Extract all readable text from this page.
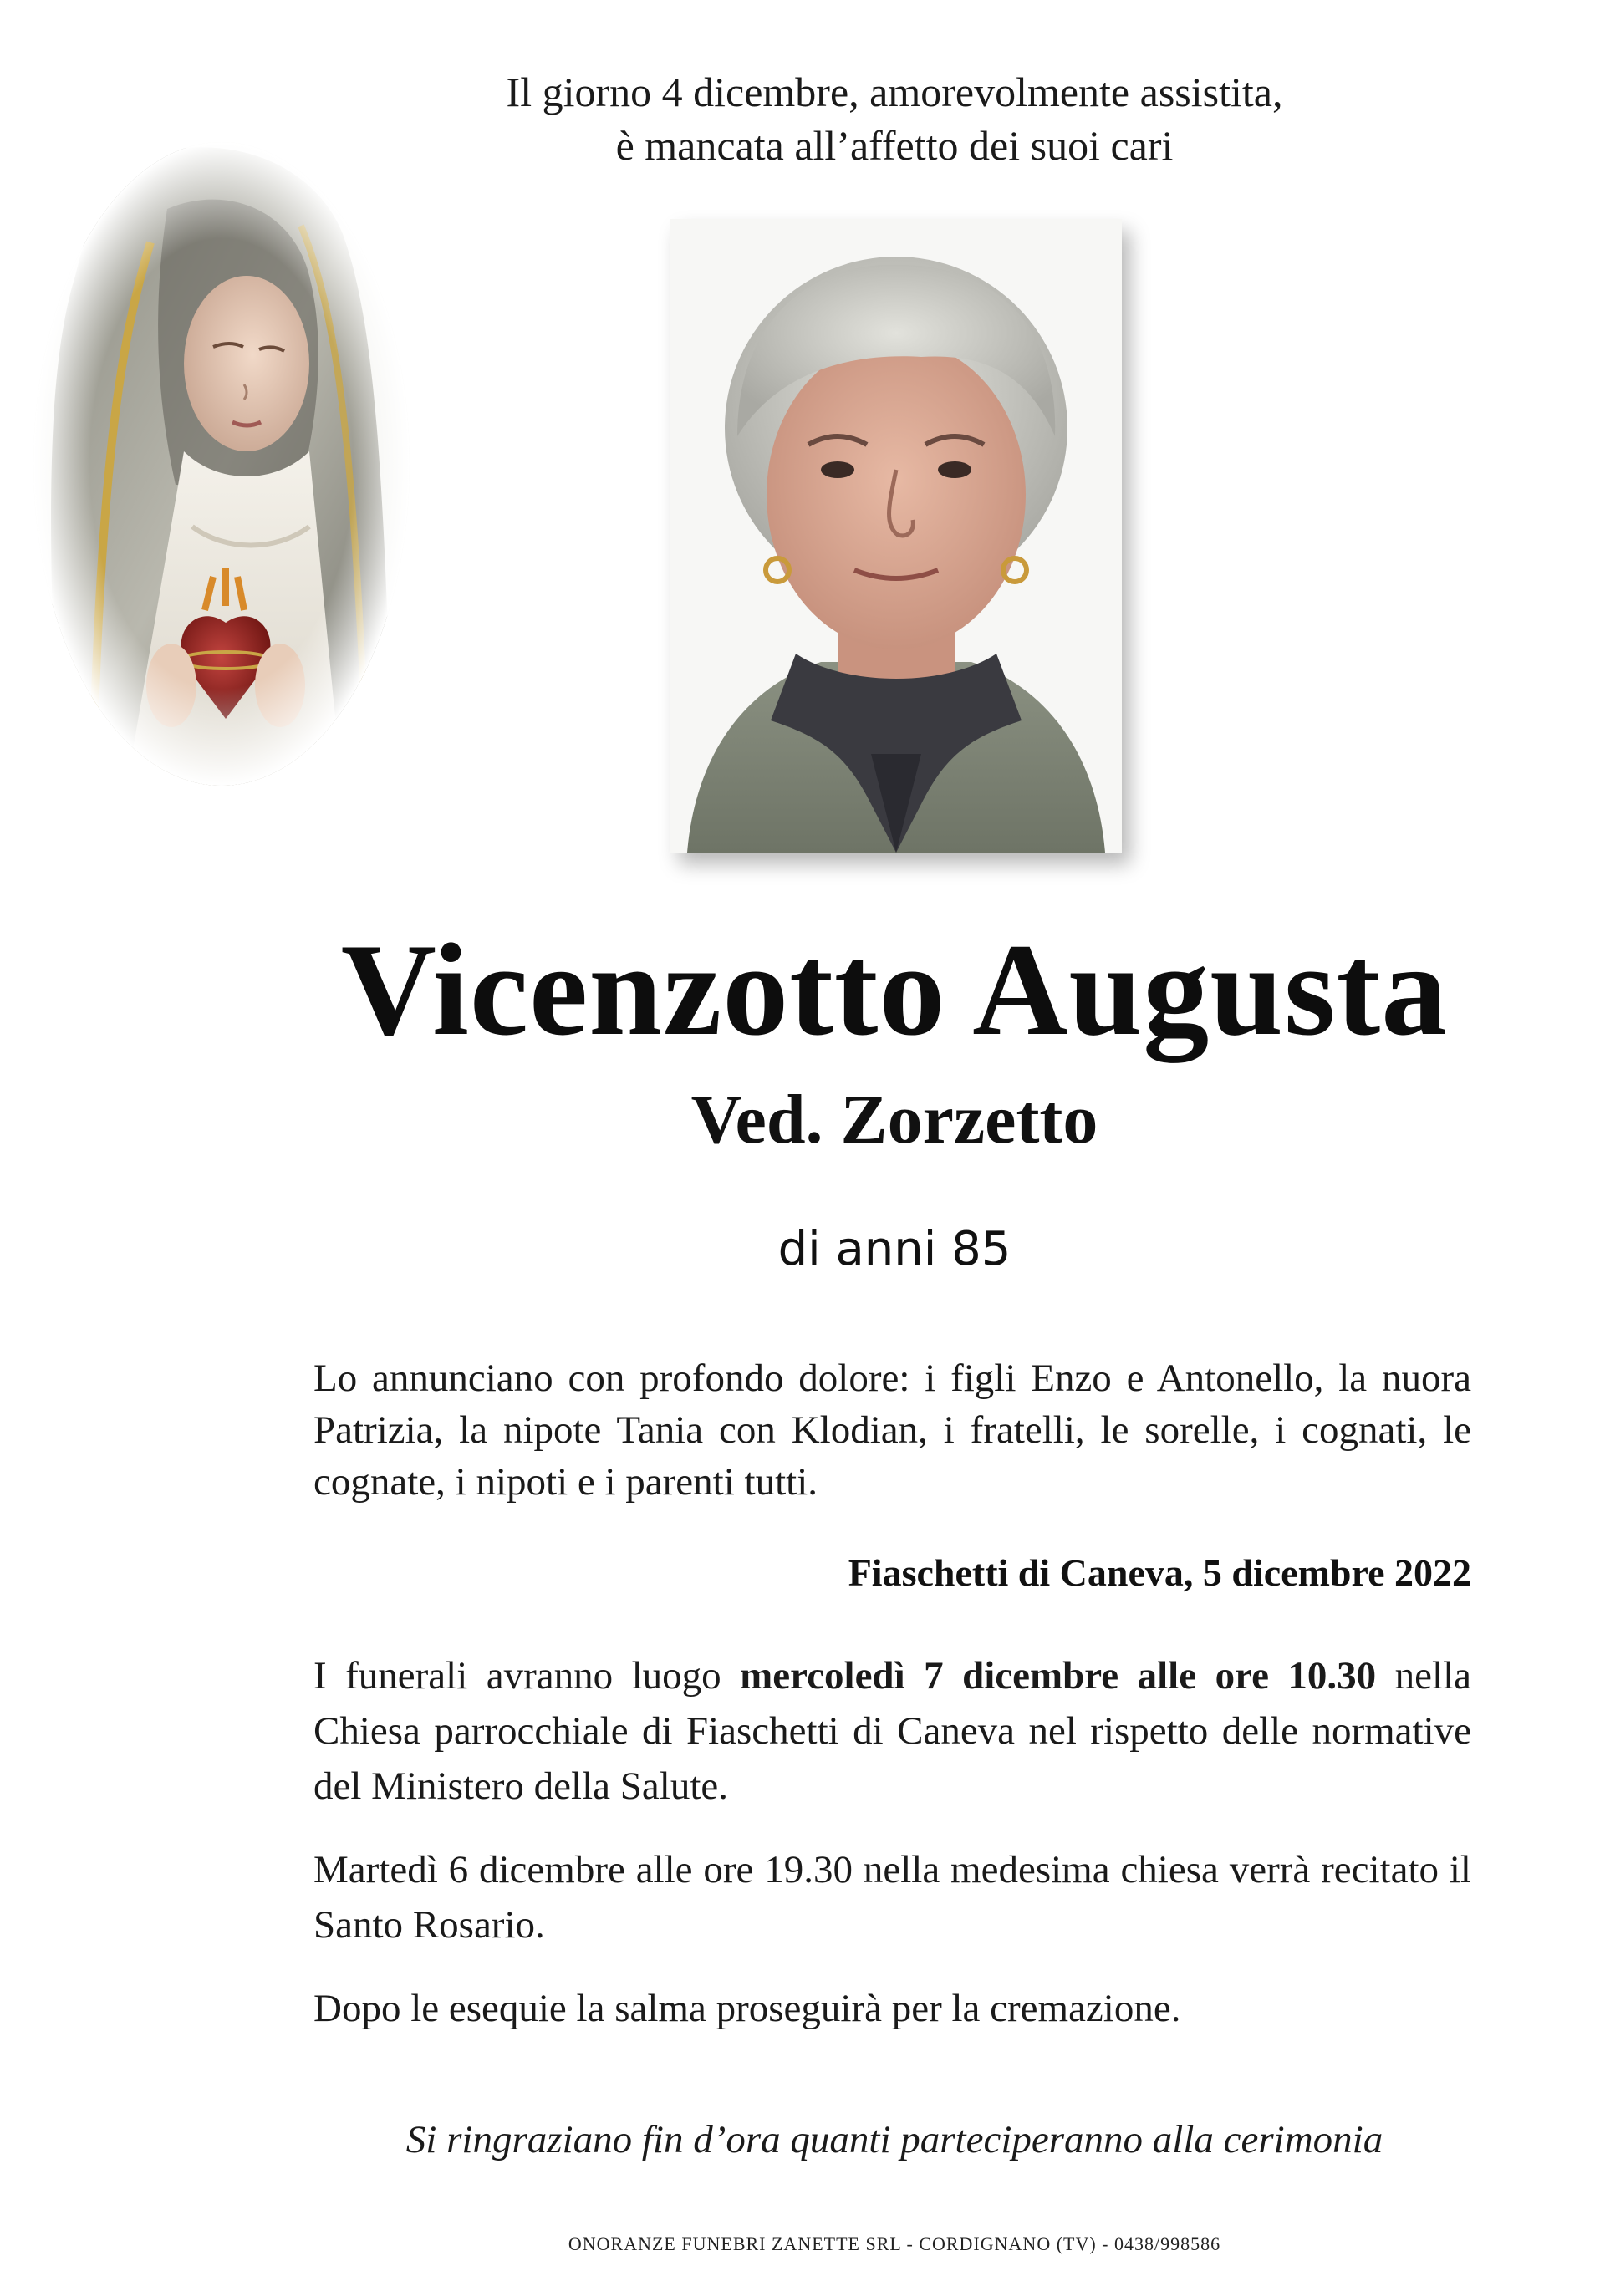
Il giorno 4 dicembre, amorevolmente assistita,
è mancata all’affetto dei suoi cari
Vicenzotto Augusta
Ved. Zorzetto
di anni 85
Lo annunciano con profondo dolore: i figli Enzo e Antonello, la nuora Patrizia, la nipote Tania con Klodian, i fratelli, le sorelle, i cognati, le cognate, i nipoti e i parenti tutti.
Fiaschetti di Caneva, 5 dicembre 2022
I funerali avranno luogo mercoledì 7 dicembre alle ore 10.30 nella Chiesa parrocchiale di Fiaschetti di Caneva nel rispetto delle normative del Ministero della Salute.
Martedì 6 dicembre alle ore 19.30 nella medesima chiesa verrà recitato il Santo Rosario.
Dopo le esequie la salma proseguirà per la cremazione.
Si ringraziano fin d’ora quanti parteciperanno alla cerimonia
ONORANZE FUNEBRI ZANETTE SRL - CORDIGNANO (TV) - 0438/998586
